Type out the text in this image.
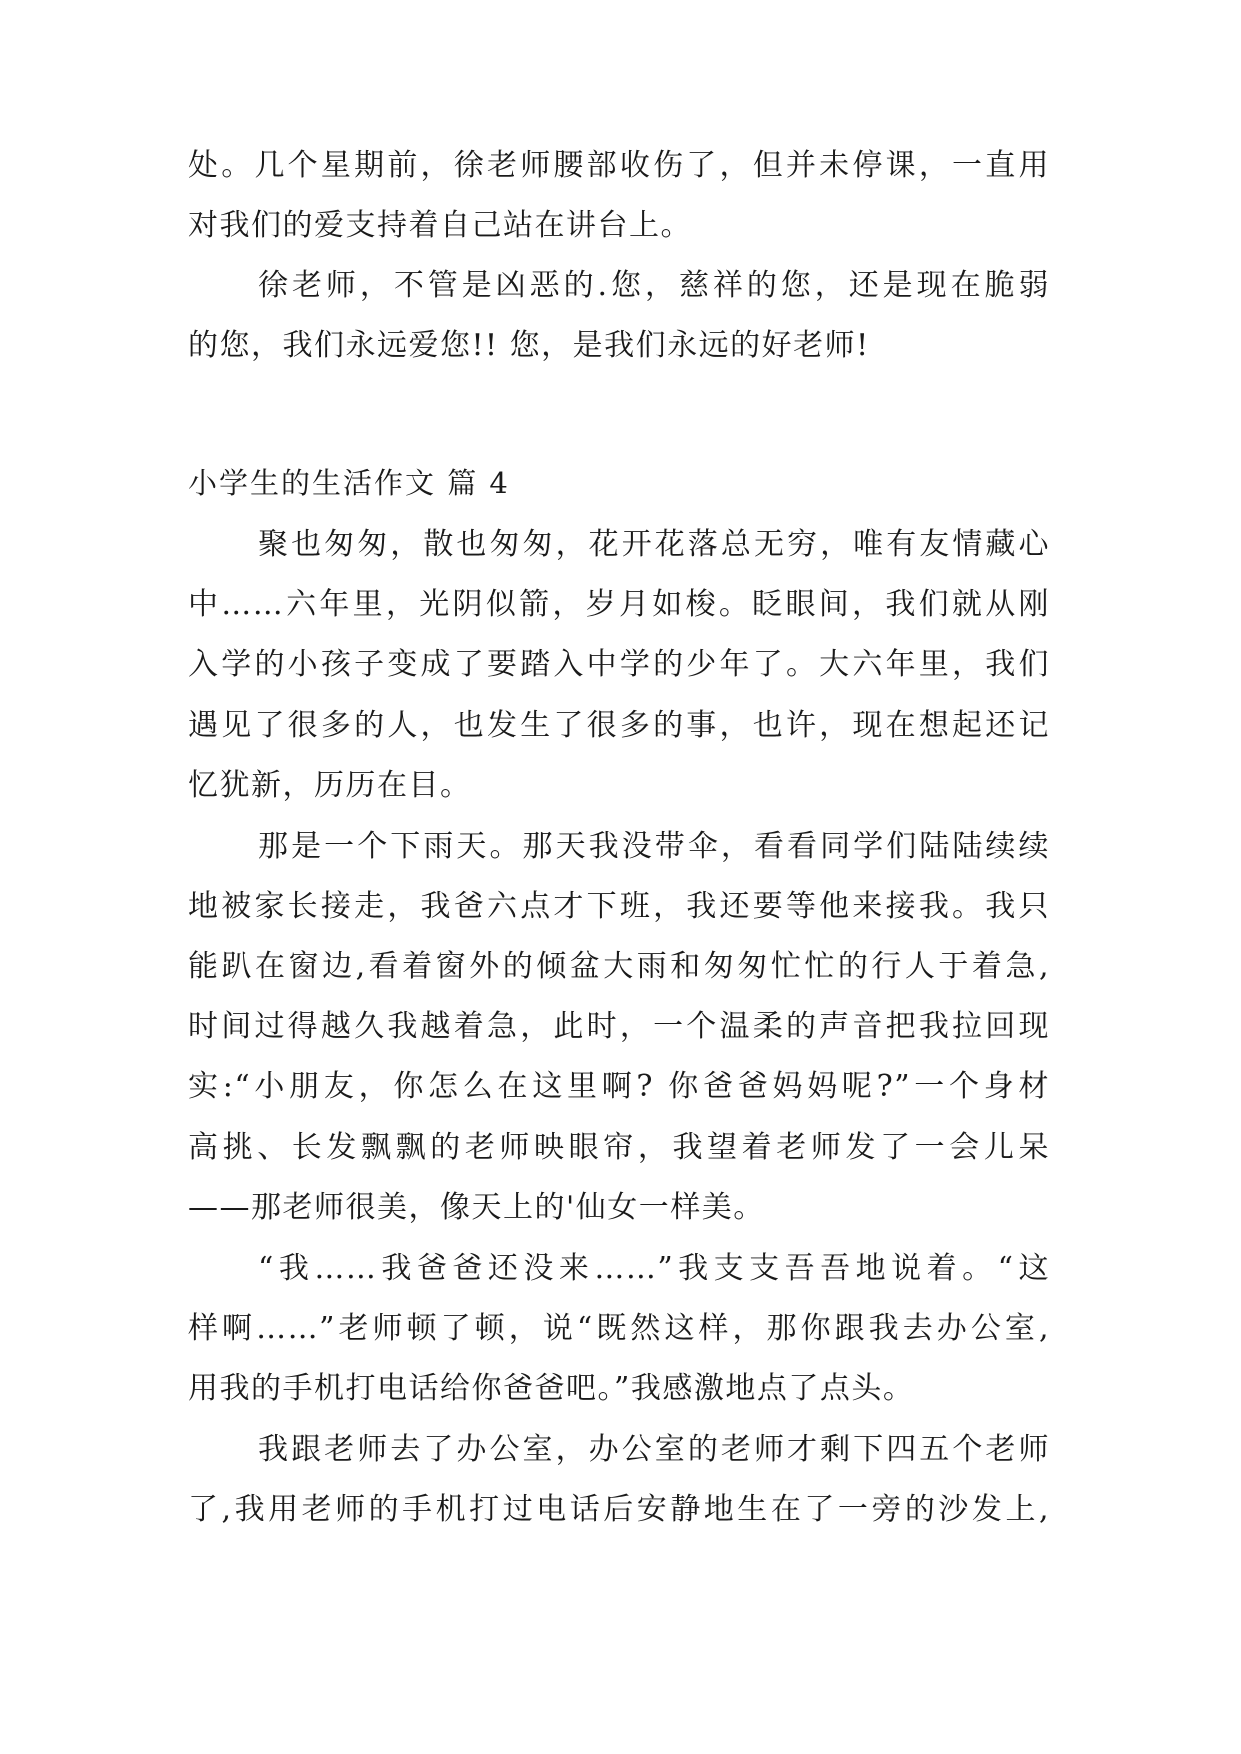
处。几个星期前，徐老师腰部收伤了，但并未停课，一直用
对我们的爱支持着自己站在讲台上。
徐老师，不管是凶恶的.您，慈祥的您，还是现在脆弱
的您，我们永远爱您!! 您，是我们永远的好老师!
小学生的生活作文 篇 4
聚也匆匆，散也匆匆，花开花落总无穷，唯有友情藏心
中……六年里，光阴似箭，岁月如梭。眨眼间，我们就从刚
入学的小孩子变成了要踏入中学的少年了。大六年里，我们
遇见了很多的人，也发生了很多的事，也许，现在想起还记
忆犹新，历历在目。
那是一个下雨天。那天我没带伞，看看同学们陆陆续续
地被家长接走，我爸六点才下班，我还要等他来接我。我只
能趴在窗边,看着窗外的倾盆大雨和匆匆忙忙的行人于着急,
时间过得越久我越着急，此时，一个温柔的声音把我拉回现
实:“小朋友，你怎么在这里啊? 你爸爸妈妈呢?”一个身材
高挑、长发飘飘的老师映眼帘，我望着老师发了一会儿呆
——那老师很美，像天上的'仙女一样美。
“我……我爸爸还没来……”我支支吾吾地说着。“这
样啊……”老师顿了顿，说“既然这样，那你跟我去办公室,
用我的手机打电话给你爸爸吧。”我感激地点了点头。
我跟老师去了办公室，办公室的老师才剩下四五个老师
了,我用老师的手机打过电话后安静地生在了一旁的沙发上,
